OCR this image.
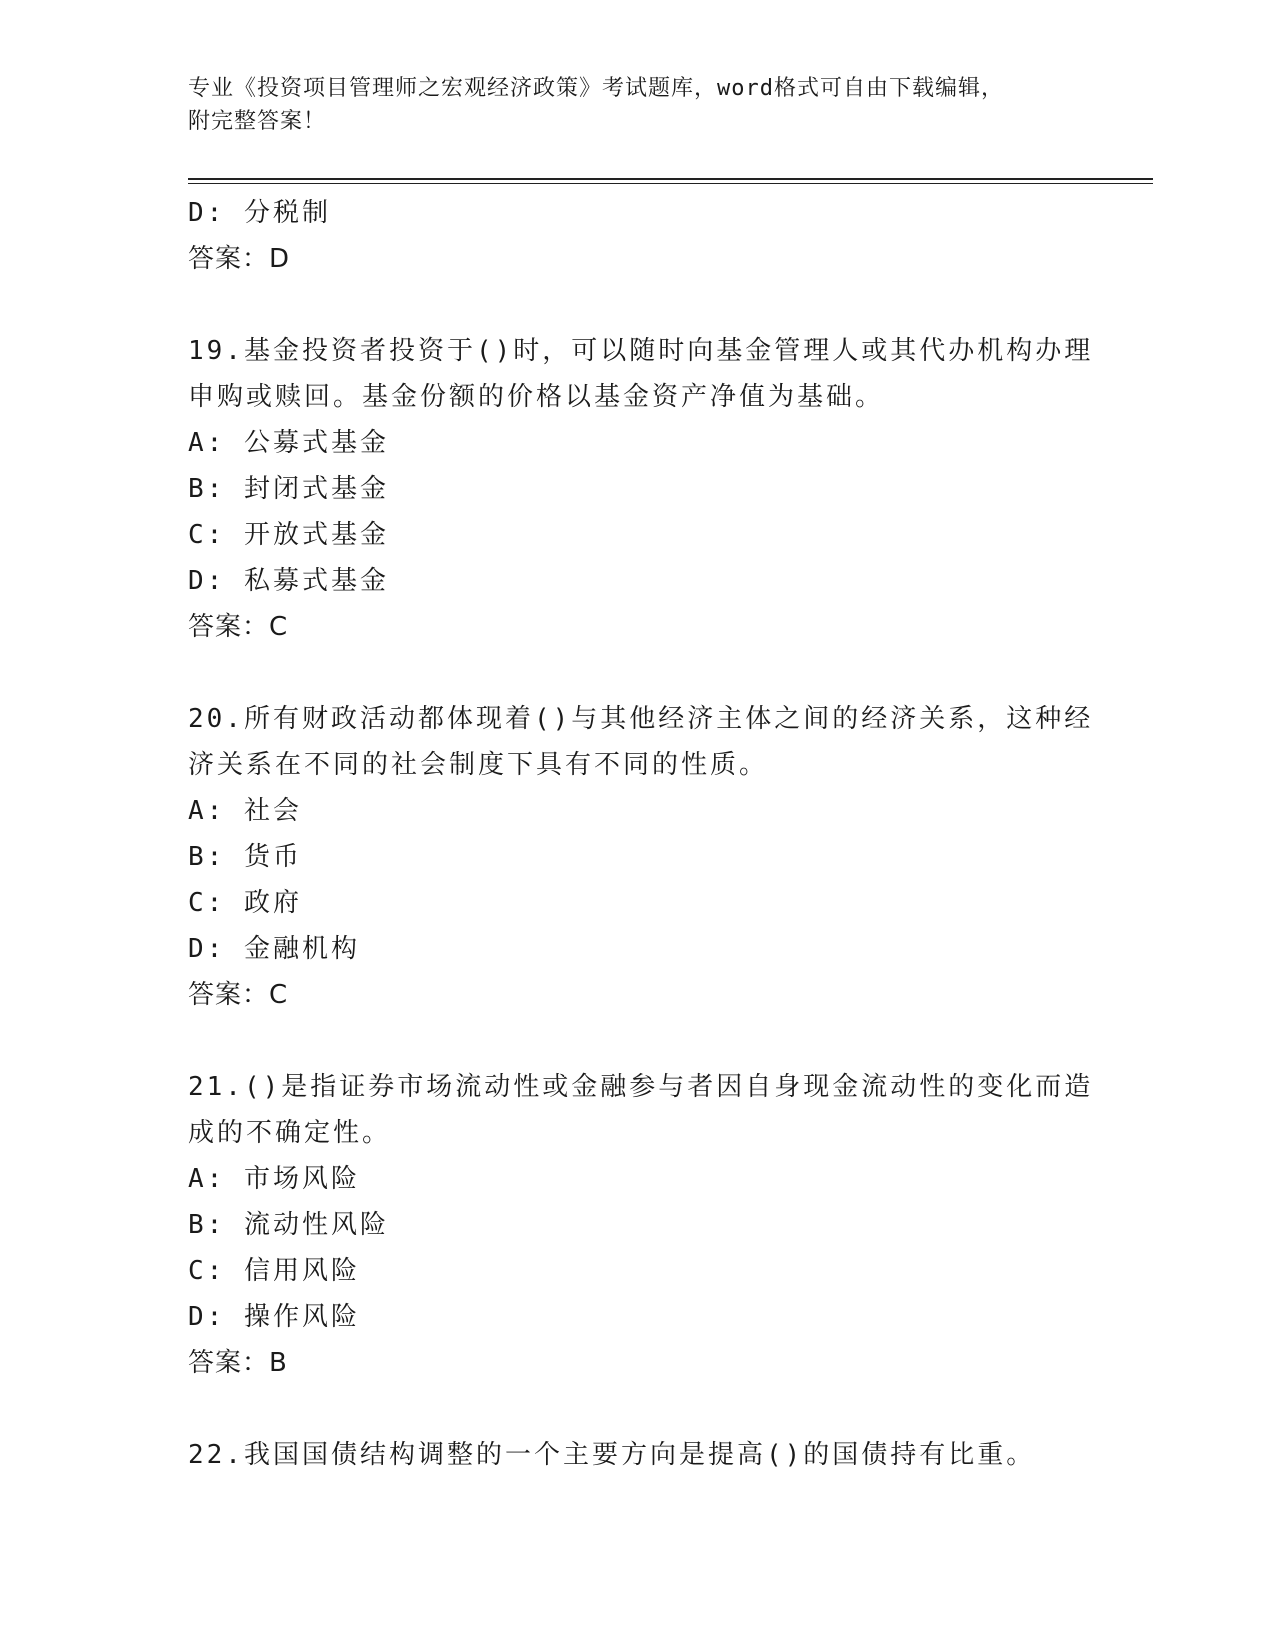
专业《投资项目管理师之宏观经济政策》考试题库，word格式可自由下载编辑，
附完整答案！
D: 分税制
答案：D
19.基金投资者投资于()时，可以随时向基金管理人或其代办机构办理
申购或赎回。基金份额的价格以基金资产净值为基础。
A: 公募式基金
B: 封闭式基金
C: 开放式基金
D: 私募式基金
答案：C
20.所有财政活动都体现着()与其他经济主体之间的经济关系，这种经
济关系在不同的社会制度下具有不同的性质。
A: 社会
B: 货币
C: 政府
D: 金融机构
答案：C
21.()是指证券市场流动性或金融参与者因自身现金流动性的变化而造
成的不确定性。
A: 市场风险
B: 流动性风险
C: 信用风险
D: 操作风险
答案：B
22.我国国债结构调整的一个主要方向是提高()的国债持有比重。
